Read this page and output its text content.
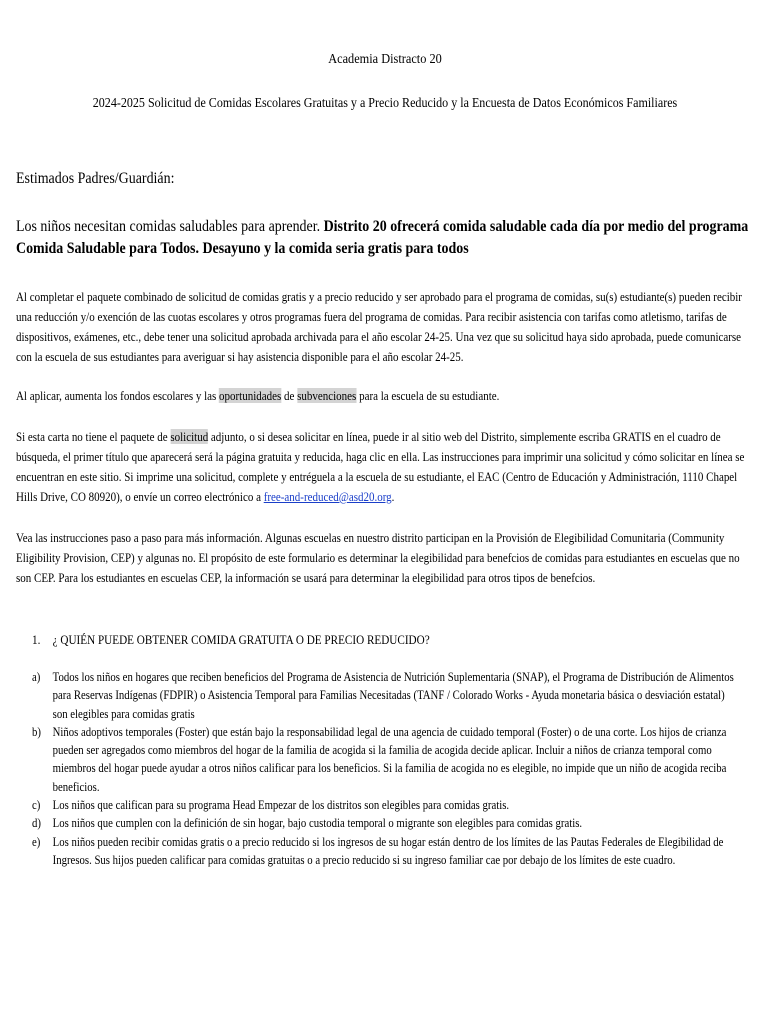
Academia Distracto 20
2024-2025 Solicitud de Comidas Escolares Gratuitas y a Precio Reducido y la Encuesta de Datos Económicos Familiares
Estimados Padres/Guardián:
Los niños necesitan comidas saludables para aprender. Distrito 20 ofrecerá comida saludable cada día por medio del programa Comida Saludable para Todos. Desayuno y la comida seria gratis para todos
Al completar el paquete combinado de solicitud de comidas gratis y a precio reducido y ser aprobado para el programa de comidas, su(s) estudiante(s) pueden recibir una reducción y/o exención de las cuotas escolares y otros programas fuera del programa de comidas. Para recibir asistencia con tarifas como atletismo, tarifas de dispositivos, exámenes, etc., debe tener una solicitud aprobada archivada para el año escolar 24-25. Una vez que su solicitud haya sido aprobada, puede comunicarse con la escuela de sus estudiantes para averiguar si hay asistencia disponible para el año escolar 24-25.
Al aplicar, aumenta los fondos escolares y las oportunidades de subvenciones para la escuela de su estudiante.
Si esta carta no tiene el paquete de solicitud adjunto, o si desea solicitar en línea, puede ir al sitio web del Distrito, simplemente escriba GRATIS en el cuadro de búsqueda, el primer título que aparecerá será la página gratuita y reducida, haga clic en ella. Las instrucciones para imprimir una solicitud y cómo solicitar en línea se encuentran en este sitio. Si imprime una solicitud, complete y entréguela a la escuela de su estudiante, el EAC (Centro de Educación y Administración, 1110 Chapel Hills Drive, CO 80920), o envíe un correo electrónico a free-and-reduced@asd20.org.
Vea las instrucciones paso a paso para más información. Algunas escuelas en nuestro distrito participan en la Provisión de Elegibilidad Comunitaria (Community Eligibility Provision, CEP) y algunas no. El propósito de este formulario es determinar la elegibilidad para benefcios de comidas para estudiantes en escuelas que no son CEP. Para los estudiantes en escuelas CEP, la información se usará para determinar la elegibilidad para otros tipos de benefcios.
1. ¿ QUIÉN PUEDE OBTENER COMIDA GRATUITA O DE PRECIO REDUCIDO?
a) Todos los niños en hogares que reciben beneficios del Programa de Asistencia de Nutrición Suplementaria (SNAP), el Programa de Distribución de Alimentos para Reservas Indígenas (FDPIR) o Asistencia Temporal para Familias Necesitadas (TANF / Colorado Works - Ayuda monetaria básica o desviación estatal) son elegibles para comidas gratis
b) Niños adoptivos temporales (Foster) que están bajo la responsabilidad legal de una agencia de cuidado temporal (Foster) o de una corte. Los hijos de crianza pueden ser agregados como miembros del hogar de la familia de acogida si la familia de acogida decide aplicar. Incluir a niños de crianza temporal como miembros del hogar puede ayudar a otros niños calificar para los beneficios. Si la familia de acogida no es elegible, no impide que un niño de acogida reciba beneficios.
c) Los niños que califican para su programa Head Empezar de los distritos son elegibles para comidas gratis.
d) Los niños que cumplen con la definición de sin hogar, bajo custodia temporal o migrante son elegibles para comidas gratis.
e) Los niños pueden recibir comidas gratis o a precio reducido si los ingresos de su hogar están dentro de los límites de las Pautas Federales de Elegibilidad de Ingresos. Sus hijos pueden calificar para comidas gratuitas o a precio reducido si su ingreso familiar cae por debajo de los límites de este cuadro.
